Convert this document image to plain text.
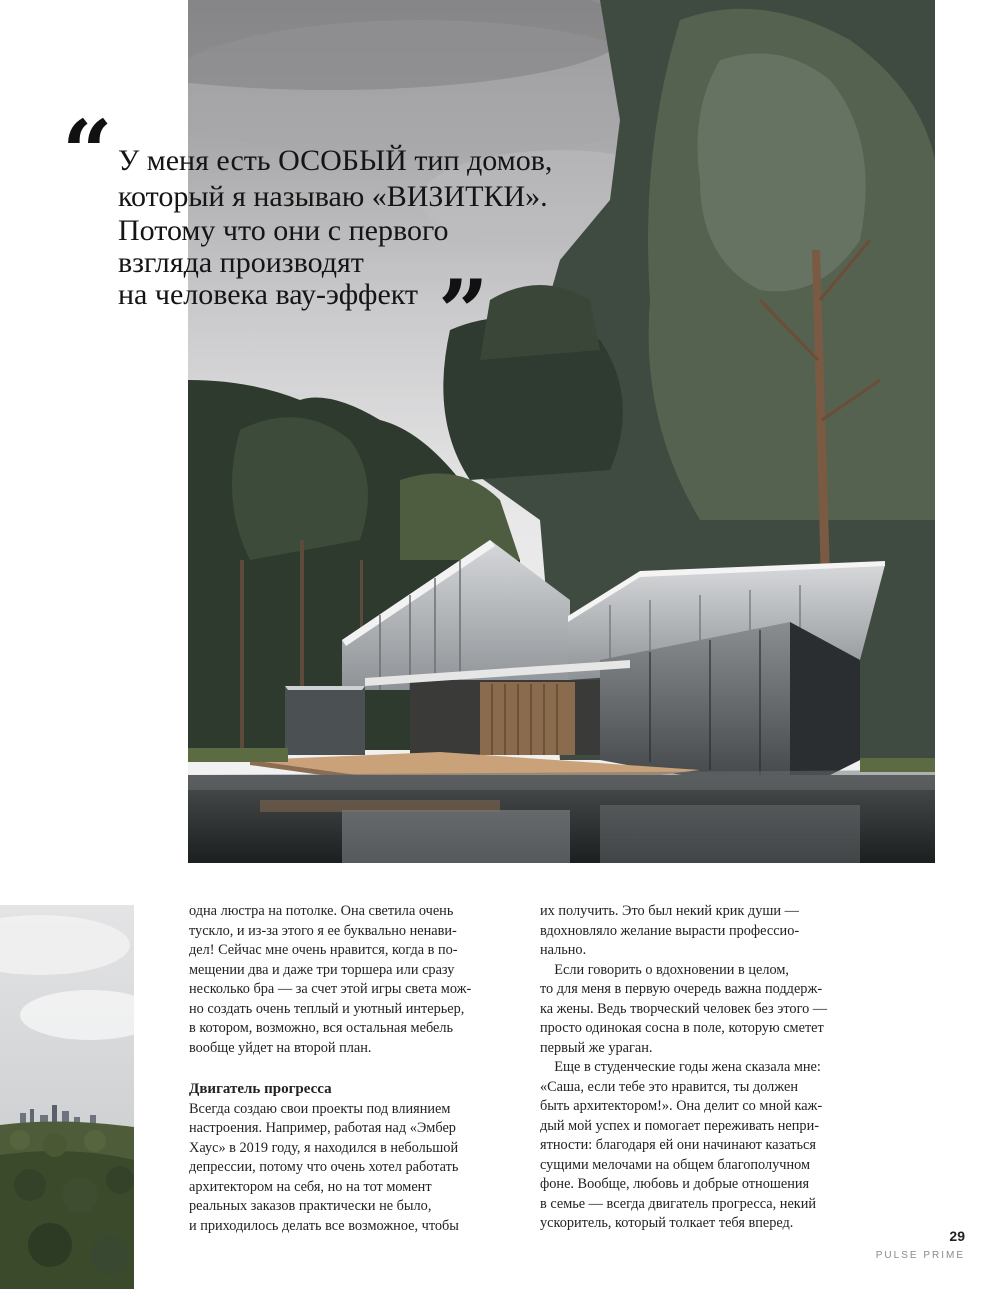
“ У меня есть ОСОБЫЙ тип домов,
который я называю «ВИЗИТКИ».
Потому что они с первого
взгляда производят
на человека вау-эффект ”
одна люстра на потолке. Она светила очень
тускло, и из-за этого я ее буквально ненави-
дел! Сейчас мне очень нравится, когда в по-
мещении два и даже три торшера или сразу
несколько бра — за счет этой игры света мож-
но создать очень теплый и уютный интерьер,
в котором, возможно, вся остальная мебель
вообще уйдет на второй план.
Двигатель прогресса
Всегда создаю свои проекты под влиянием
настроения. Например, работая над «Эмбер
Хаус» в 2019 году, я находился в небольшой
депрессии, потому что очень хотел работать
архитектором на себя, но на тот момент
реальных заказов практически не было,
и приходилось делать все возможное, чтобы
их получить. Это был некий крик души —
вдохновляло желание вырасти профессио-
нально.
Если говорить о вдохновении в целом,
то для меня в первую очередь важна поддерж-
ка жены. Ведь творческий человек без этого —
просто одинокая сосна в поле, которую сметет
первый же ураган.
Еще в студенческие годы жена сказала мне:
«Саша, если тебе это нравится, ты должен
быть архитектором!». Она делит со мной каж-
дый мой успех и помогает переживать непри-
ятности: благодаря ей они начинают казаться
сущими мелочами на общем благополучном
фоне. Вообще, любовь и добрые отношения
в семье — всегда двигатель прогресса, некий
ускоритель, который толкает тебя вперед.
29
PULSE PRIME
